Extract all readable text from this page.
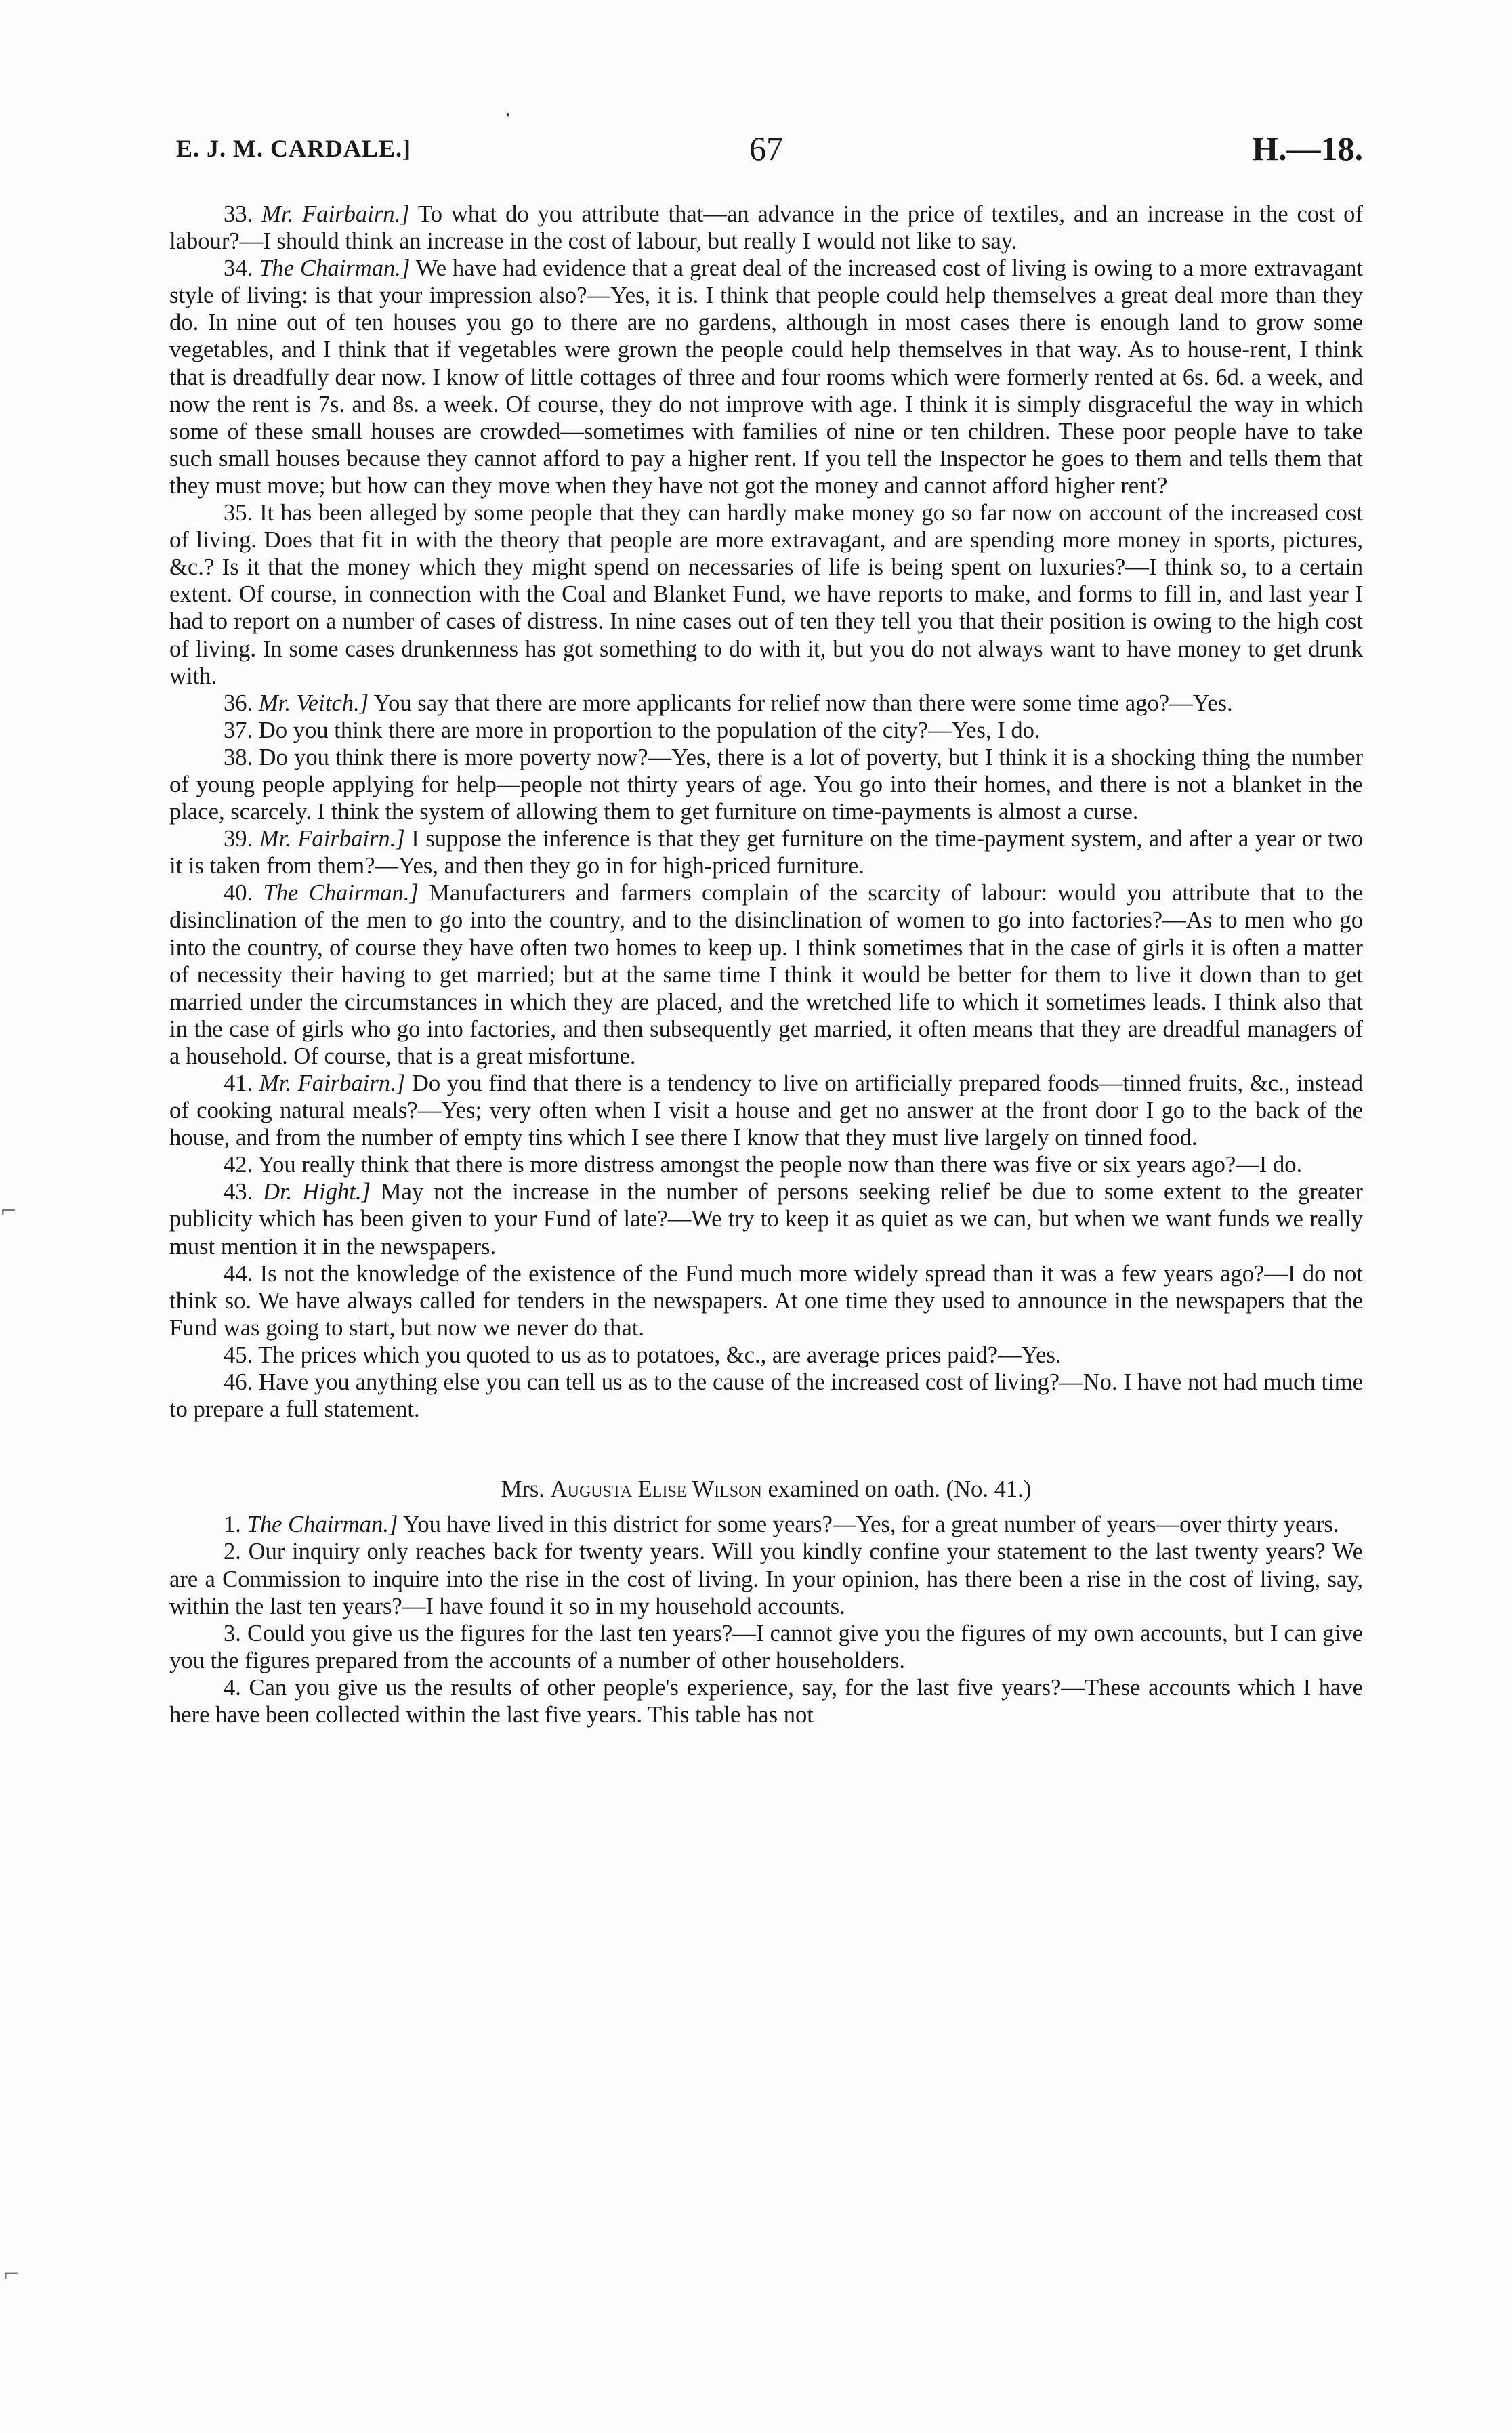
E. J. M. CARDALE.]	67	H.—18.

33. Mr. Fairbairn.] To what do you attribute that—an advance in the price of textiles, and an increase in the cost of labour?—I should think an increase in the cost of labour, but really I would not like to say.

34. The Chairman.] We have had evidence that a great deal of the increased cost of living is owing to a more extravagant style of living: is that your impression also?—Yes, it is. I think that people could help themselves a great deal more than they do. In nine out of ten houses you go to there are no gardens, although in most cases there is enough land to grow some vegetables, and I think that if vegetables were grown the people could help themselves in that way. As to house-rent, I think that is dreadfully dear now. I know of little cottages of three and four rooms which were formerly rented at 6s. 6d. a week, and now the rent is 7s. and 8s. a week. Of course, they do not improve with age. I think it is simply disgraceful the way in which some of these small houses are crowded—sometimes with families of nine or ten children. These poor people have to take such small houses because they cannot afford to pay a higher rent. If you tell the Inspector he goes to them and tells them that they must move; but how can they move when they have not got the money and cannot afford higher rent?

35. It has been alleged by some people that they can hardly make money go so far now on account of the increased cost of living. Does that fit in with the theory that people are more extravagant, and are spending more money in sports, pictures, &c.? Is it that the money which they might spend on necessaries of life is being spent on luxuries?—I think so, to a certain extent. Of course, in connection with the Coal and Blanket Fund, we have reports to make, and forms to fill in, and last year I had to report on a number of cases of distress. In nine cases out of ten they tell you that their position is owing to the high cost of living. In some cases drunkenness has got something to do with it, but you do not always want to have money to get drunk with.

36. Mr. Veitch.] You say that there are more applicants for relief now than there were some time ago?—Yes.

37. Do you think there are more in proportion to the population of the city?—Yes, I do.

38. Do you think there is more poverty now?—Yes, there is a lot of poverty, but I think it is a shocking thing the number of young people applying for help—people not thirty years of age. You go into their homes, and there is not a blanket in the place, scarcely. I think the system of allowing them to get furniture on time-payments is almost a curse.

39. Mr. Fairbairn.] I suppose the inference is that they get furniture on the time-payment system, and after a year or two it is taken from them?—Yes, and then they go in for high-priced furniture.

40. The Chairman.] Manufacturers and farmers complain of the scarcity of labour: would you attribute that to the disinclination of the men to go into the country, and to the disinclination of women to go into factories?—As to men who go into the country, of course they have often two homes to keep up. I think sometimes that in the case of girls it is often a matter of necessity their having to get married; but at the same time I think it would be better for them to live it down than to get married under the circumstances in which they are placed, and the wretched life to which it sometimes leads. I think also that in the case of girls who go into factories, and then subsequently get married, it often means that they are dreadful managers of a household. Of course, that is a great misfortune.

41. Mr. Fairbairn.] Do you find that there is a tendency to live on artificially prepared foods—tinned fruits, &c., instead of cooking natural meals?—Yes; very often when I visit a house and get no answer at the front door I go to the back of the house, and from the number of empty tins which I see there I know that they must live largely on tinned food.

42. You really think that there is more distress amongst the people now than there was five or six years ago?—I do.

43. Dr. Hight.] May not the increase in the number of persons seeking relief be due to some extent to the greater publicity which has been given to your Fund of late?—We try to keep it as quiet as we can, but when we want funds we really must mention it in the newspapers.

44. Is not the knowledge of the existence of the Fund much more widely spread than it was a few years ago?—I do not think so. We have always called for tenders in the newspapers. At one time they used to announce in the newspapers that the Fund was going to start, but now we never do that.

45. The prices which you quoted to us as to potatoes, &c., are average prices paid?—Yes.

46. Have you anything else you can tell us as to the cause of the increased cost of living?—No. I have not had much time to prepare a full statement.

Mrs. Augusta Elise Wilson examined on oath. (No. 41.)

1. The Chairman.] You have lived in this district for some years?—Yes, for a great number of years—over thirty years.

2. Our inquiry only reaches back for twenty years. Will you kindly confine your statement to the last twenty years? We are a Commission to inquire into the rise in the cost of living. In your opinion, has there been a rise in the cost of living, say, within the last ten years?—I have found it so in my household accounts.

3. Could you give us the figures for the last ten years?—I cannot give you the figures of my own accounts, but I can give you the figures prepared from the accounts of a number of other householders.

4. Can you give us the results of other people's experience, say, for the last five years?—These accounts which I have here have been collected within the last five years. This table has not

•
⌐
⌐
